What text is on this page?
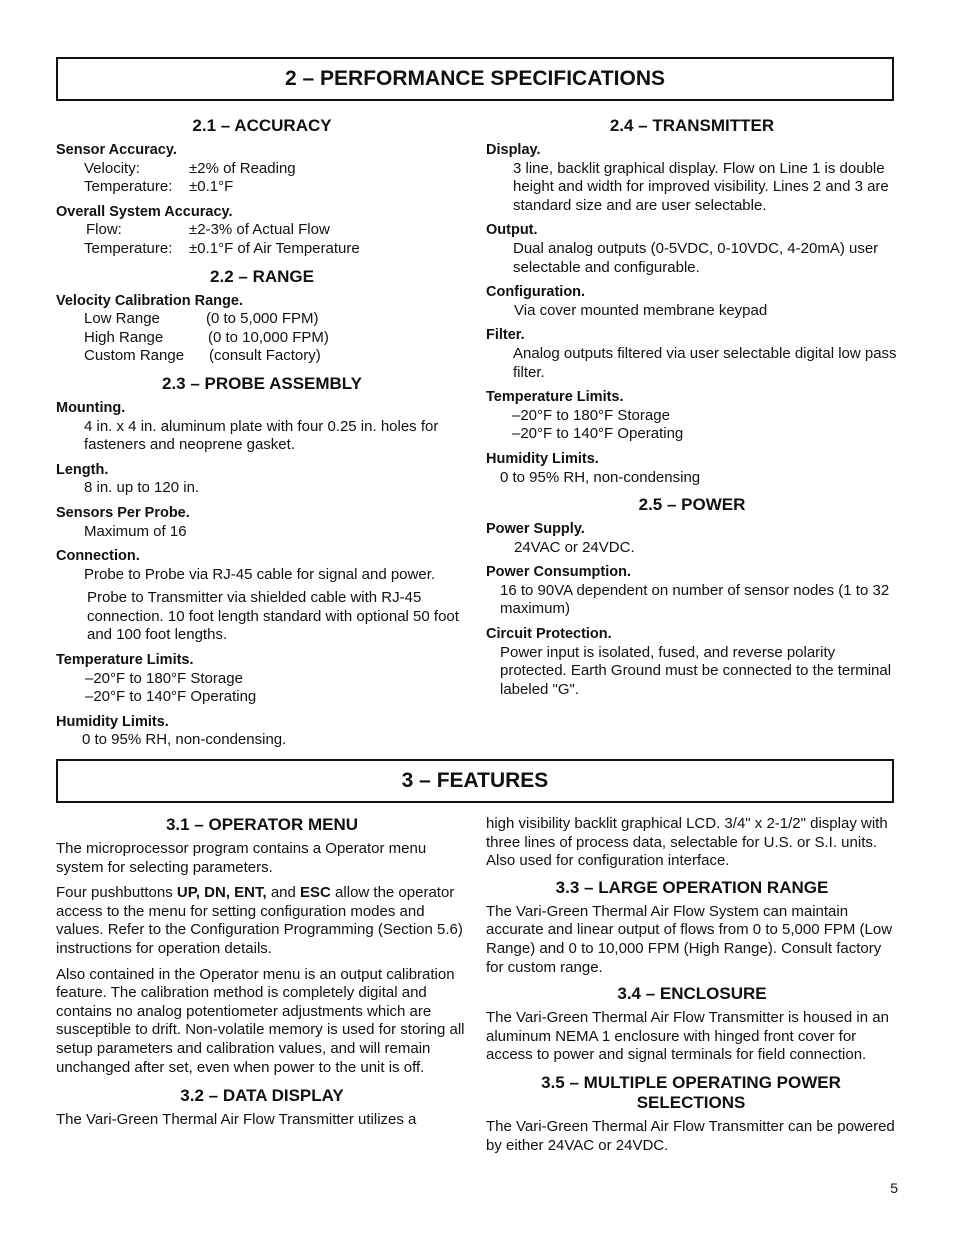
2 – PERFORMANCE SPECIFICATIONS

2.1 – ACCURACY

Sensor Accuracy.

Velocity:	±2% of Reading
Temperature:	±0.1°F

Overall System Accuracy.

Flow:	±2-3% of Actual Flow
Temperature:	±0.1°F of Air Temperature

2.2 – RANGE

Velocity Calibration Range.

Low Range	(0 to 5,000 FPM)
High Range	(0 to 10,000 FPM)
Custom Range	(consult Factory)

2.3 – PROBE ASSEMBLY

Mounting.

4 in. x 4 in. aluminum plate with four 0.25 in. holes for fasteners and neoprene gasket.

Length.

8 in. up to 120 in.

Sensors Per Probe.

Maximum of 16

Connection.

Probe to Probe via RJ-45 cable for signal and power.

Probe to Transmitter via shielded cable with RJ-45 connection. 10 foot length standard with optional 50 foot and 100 foot lengths.

Temperature Limits.

–20°F to 180°F Storage

–20°F to 140°F Operating

Humidity Limits.

0 to 95% RH, non-condensing.

2.4 – TRANSMITTER

Display.

3 line, backlit graphical display. Flow on Line 1 is double height and width for improved visibility. Lines 2 and 3 are standard size and are user selectable.

Output.

Dual analog outputs (0-5VDC, 0-10VDC, 4-20mA) user selectable and configurable.

Configuration.

Via cover mounted membrane keypad

Filter.

Analog outputs filtered via user selectable digital low pass filter.

Temperature Limits.

–20°F to 180°F Storage

–20°F to 140°F Operating

Humidity Limits.

0 to 95% RH, non-condensing

2.5 – POWER

Power Supply.

24VAC or 24VDC.

Power Consumption.

16 to 90VA dependent on number of sensor nodes (1 to 32 maximum)

Circuit Protection.

Power input is isolated, fused, and reverse polarity protected. Earth Ground must be connected to the terminal labeled "G".

3 – FEATURES

3.1 – OPERATOR MENU

The microprocessor program contains a Operator menu system for selecting parameters.

Four pushbuttons UP, DN, ENT, and ESC allow the operator access to the menu for setting configuration modes and values. Refer to the Configuration Programming (Section 5.6) instructions for operation details.

Also contained in the Operator menu is an output calibration feature. The calibration method is completely digital and contains no analog potentiometer adjustments which are susceptible to drift. Non-volatile memory is used for storing all setup parameters and calibration values, and will remain unchanged after set, even when power to the unit is off.

3.2 – DATA DISPLAY

The Vari-Green Thermal Air Flow Transmitter utilizes a

high visibility backlit graphical LCD. 3/4" x 2-1/2" display with three lines of process data, selectable for U.S. or S.I. units. Also used for configuration interface.

3.3 – LARGE OPERATION RANGE

The Vari-Green Thermal Air Flow System can maintain accurate and linear output of flows from 0 to 5,000 FPM (Low Range) and 0 to 10,000 FPM (High Range). Consult factory for custom range.

3.4 – ENCLOSURE

The Vari-Green Thermal Air Flow Transmitter is housed in an aluminum NEMA 1 enclosure with hinged front cover for access to power and signal terminals for field connection.

3.5 – MULTIPLE OPERATING POWER SELECTIONS

The Vari-Green Thermal Air Flow Transmitter can be powered by either 24VAC or 24VDC.

5
